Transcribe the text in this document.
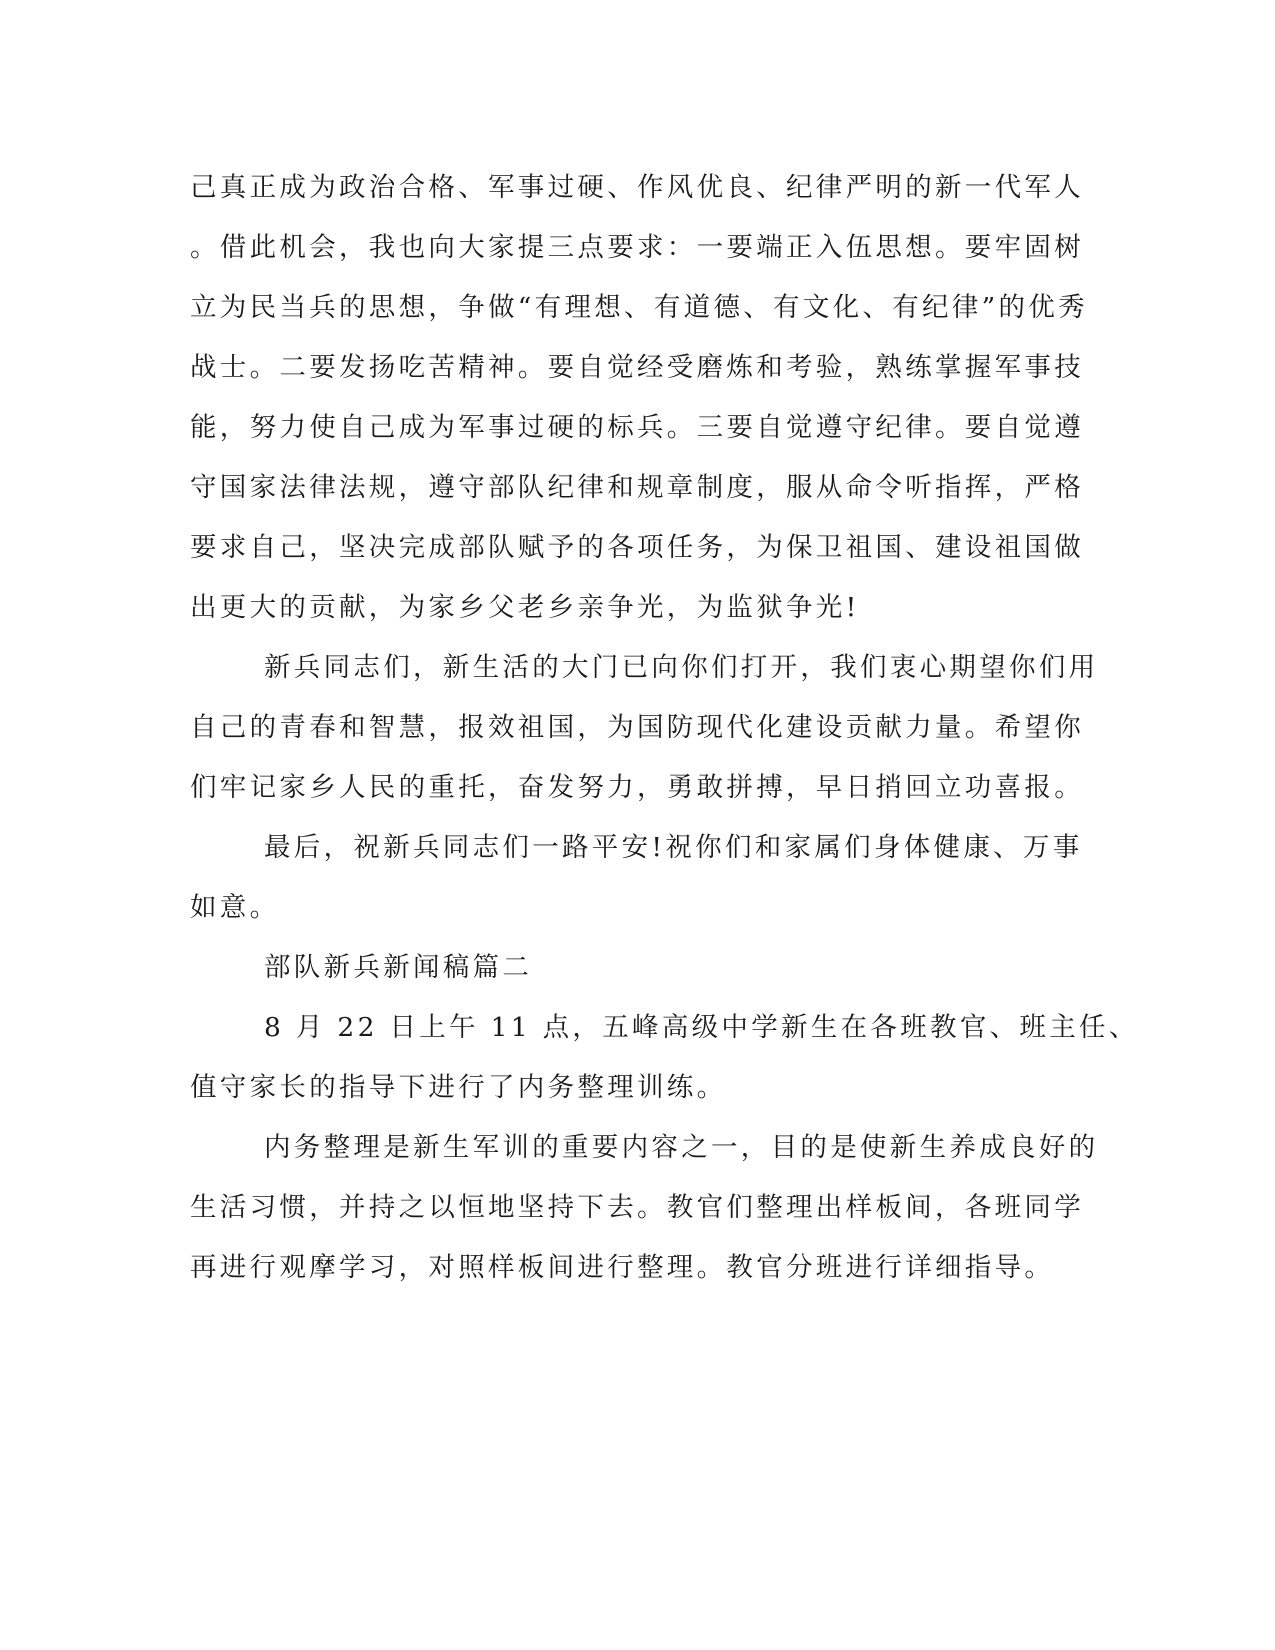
己真正成为政治合格、军事过硬、作风优良、纪律严明的新一代军人
。借此机会，我也向大家提三点要求：一要端正入伍思想。要牢固树
立为民当兵的思想，争做“有理想、有道德、有文化、有纪律”的优秀
战士。二要发扬吃苦精神。要自觉经受磨炼和考验，熟练掌握军事技
能，努力使自己成为军事过硬的标兵。三要自觉遵守纪律。要自觉遵
守国家法律法规，遵守部队纪律和规章制度，服从命令听指挥，严格
要求自己，坚决完成部队赋予的各项任务，为保卫祖国、建设祖国做
出更大的贡献，为家乡父老乡亲争光，为监狱争光!

新兵同志们，新生活的大门已向你们打开，我们衷心期望你们用
自己的青春和智慧，报效祖国，为国防现代化建设贡献力量。希望你
们牢记家乡人民的重托，奋发努力，勇敢拼搏，早日捎回立功喜报。

最后，祝新兵同志们一路平安!祝你们和家属们身体健康、万事
如意。

部队新兵新闻稿篇二

8 月 22 日上午 11 点，五峰高级中学新生在各班教官、班主任、
值守家长的指导下进行了内务整理训练。

内务整理是新生军训的重要内容之一，目的是使新生养成良好的
生活习惯，并持之以恒地坚持下去。教官们整理出样板间，各班同学
再进行观摩学习，对照样板间进行整理。教官分班进行详细指导。
